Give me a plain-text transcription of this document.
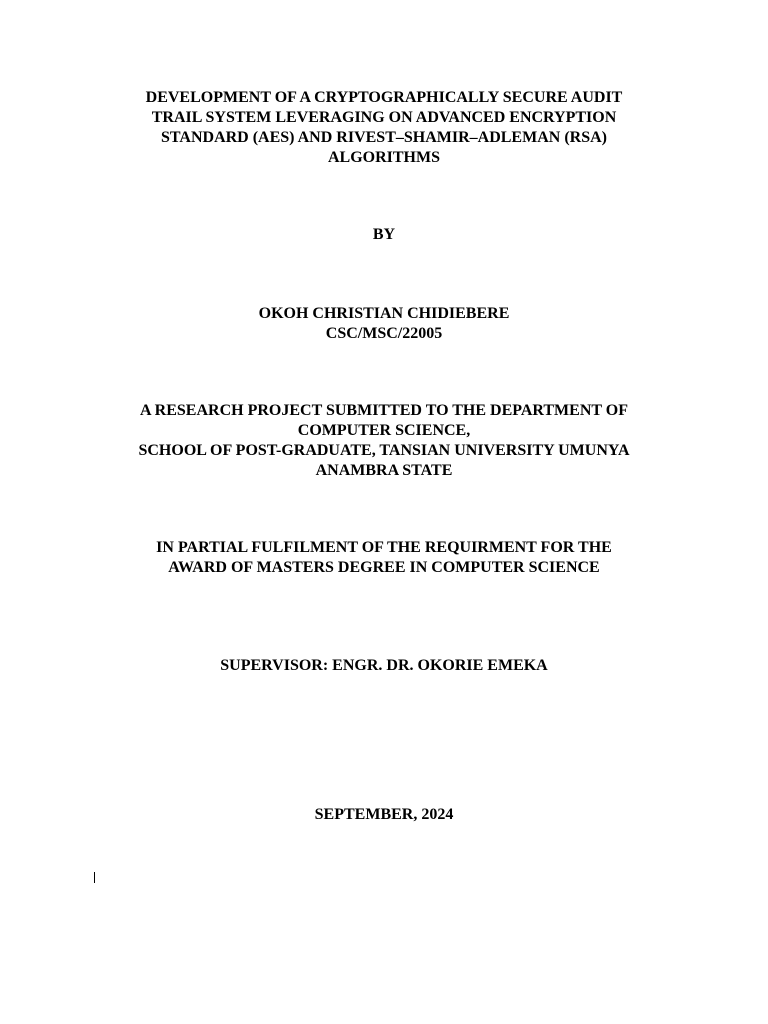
DEVELOPMENT OF A CRYPTOGRAPHICALLY SECURE AUDIT
TRAIL SYSTEM LEVERAGING ON ADVANCED ENCRYPTION
STANDARD (AES) AND RIVEST–SHAMIR–ADLEMAN (RSA)
ALGORITHMS
BY
OKOH CHRISTIAN CHIDIEBERE
CSC/MSC/22005
A RESEARCH PROJECT SUBMITTED TO THE DEPARTMENT OF
COMPUTER SCIENCE,
SCHOOL OF POST-GRADUATE, TANSIAN UNIVERSITY UMUNYA
ANAMBRA STATE
IN PARTIAL FULFILMENT OF THE REQUIRMENT FOR THE
AWARD OF MASTERS DEGREE IN COMPUTER SCIENCE
SUPERVISOR: ENGR. DR. OKORIE EMEKA
SEPTEMBER, 2024
